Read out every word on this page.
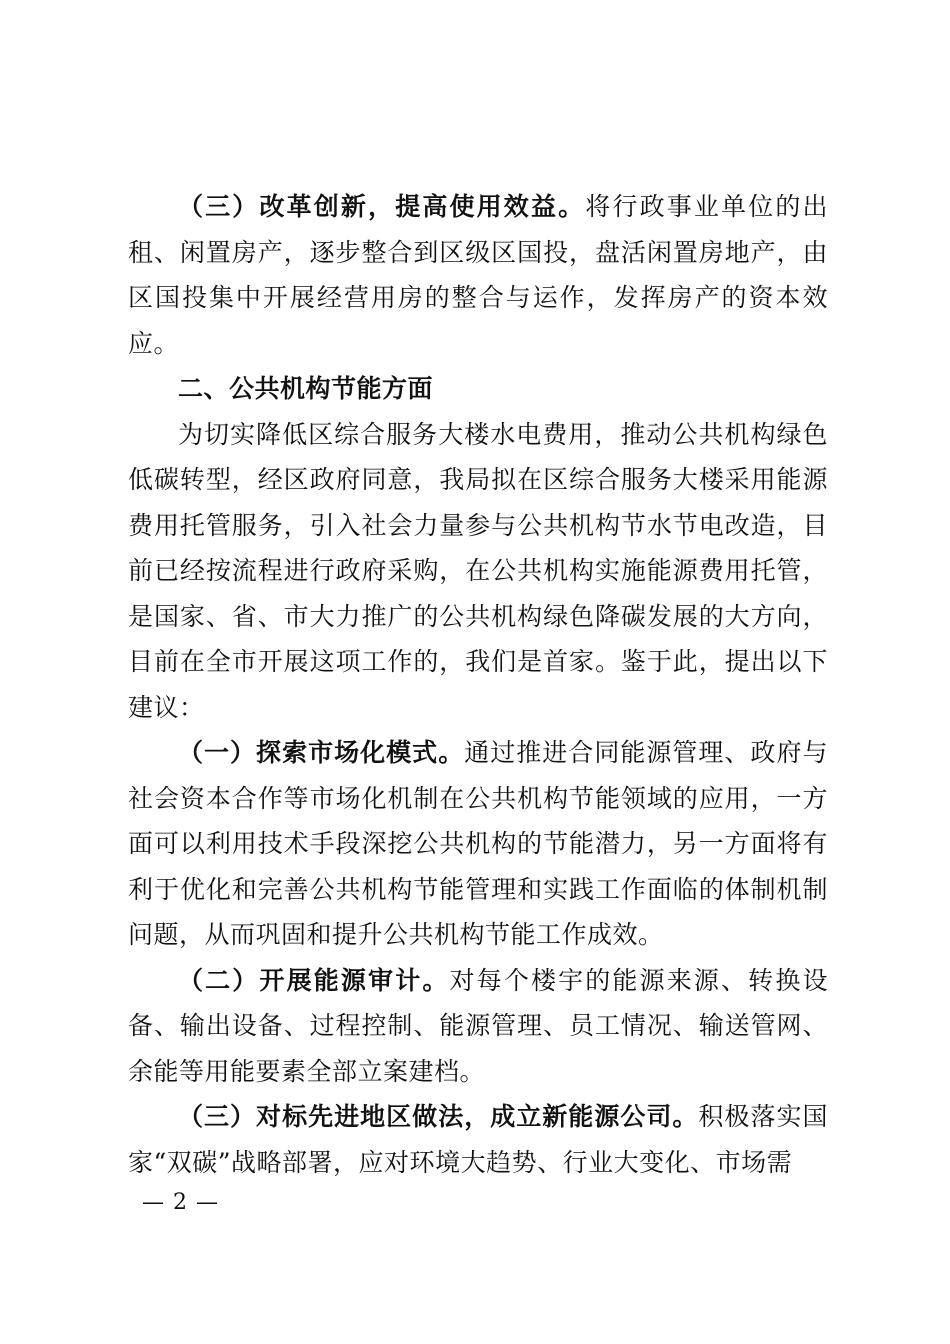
（三）改革创新，提高使用效益。将行政事业单位的出租、闲置房产，逐步整合到区级区国投，盘活闲置房地产，由区国投集中开展经营用房的整合与运作，发挥房产的资本效应。

二、公共机构节能方面

为切实降低区综合服务大楼水电费用，推动公共机构绿色低碳转型，经区政府同意，我局拟在区综合服务大楼采用能源费用托管服务，引入社会力量参与公共机构节水节电改造，目前已经按流程进行政府采购，在公共机构实施能源费用托管，是国家、省、市大力推广的公共机构绿色降碳发展的大方向，目前在全市开展这项工作的，我们是首家。鉴于此，提出以下建议：

（一）探索市场化模式。通过推进合同能源管理、政府与社会资本合作等市场化机制在公共机构节能领域的应用，一方面可以利用技术手段深挖公共机构的节能潜力，另一方面将有利于优化和完善公共机构节能管理和实践工作面临的体制机制问题，从而巩固和提升公共机构节能工作成效。

（二）开展能源审计。对每个楼宇的能源来源、转换设备、输出设备、过程控制、能源管理、员工情况、输送管网、余能等用能要素全部立案建档。

（三）对标先进地区做法，成立新能源公司。积极落实国家“双碳”战略部署，应对环境大趋势、行业大变化、市场需

— 2 —
